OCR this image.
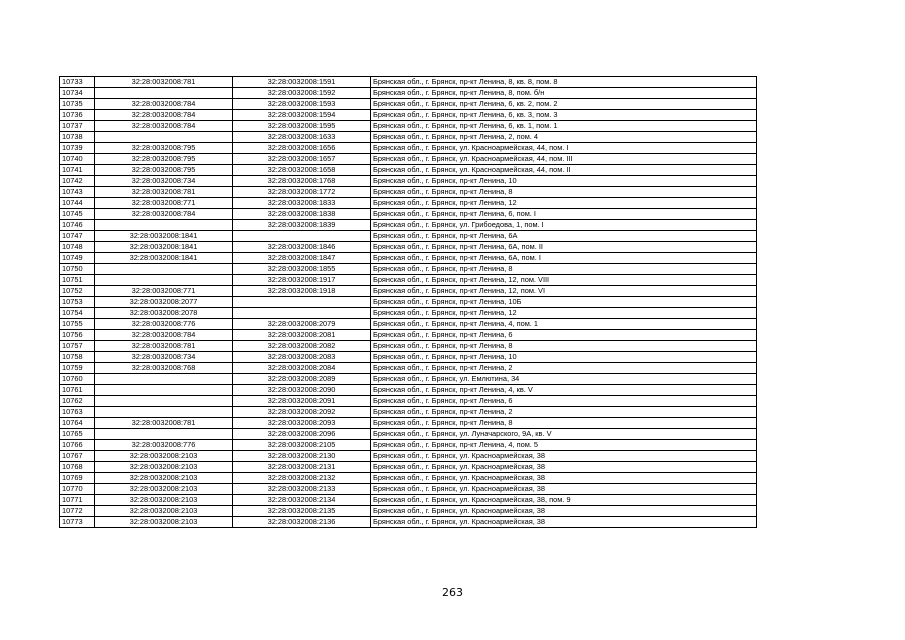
10733	32:28:0032008:781	32:28:0032008:1591	Брянская обл., г. Брянск, пр-кт Ленина, 8, кв. 8, пом. 8
10734		32:28:0032008:1592	Брянская обл., г. Брянск, пр-кт Ленина, 8, пом. б/н
10735	32:28:0032008:784	32:28:0032008:1593	Брянская обл., г. Брянск, пр-кт Ленина, 6, кв. 2, пом. 2
10736	32:28:0032008:784	32:28:0032008:1594	Брянская обл., г. Брянск, пр-кт Ленина, 6, кв. 3, пом. 3
10737	32:28:0032008:784	32:28:0032008:1595	Брянская обл., г. Брянск, пр-кт Ленина, 6, кв. 1, пом. 1
10738		32:28:0032008:1633	Брянская обл., г. Брянск, пр-кт Ленина, 2, пом. 4
10739	32:28:0032008:795	32:28:0032008:1656	Брянская обл., г. Брянск, ул. Красноармейская, 44, пом. I
10740	32:28:0032008:795	32:28:0032008:1657	Брянская обл., г. Брянск, ул. Красноармейская, 44, пом. III
10741	32:28:0032008:795	32:28:0032008:1658	Брянская обл., г. Брянск, ул. Красноармейская, 44, пом. II
10742	32:28:0032008:734	32:28:0032008:1768	Брянская обл., г. Брянск, пр-кт Ленина, 10
10743	32:28:0032008:781	32:28:0032008:1772	Брянская обл., г. Брянск, пр-кт Ленина, 8
10744	32:28:0032008:771	32:28:0032008:1833	Брянская обл., г. Брянск, пр-кт Ленина, 12
10745	32:28:0032008:784	32:28:0032008:1838	Брянская обл., г. Брянск, пр-кт Ленина, 6, пом. I
10746		32:28:0032008:1839	Брянская обл., г. Брянск, ул. Грибоедова, 1, пом. I
10747	32:28:0032008:1841		Брянская обл., г. Брянск, пр-кт Ленина, 6А
10748	32:28:0032008:1841	32:28:0032008:1846	Брянская обл., г. Брянск, пр-кт Ленина, 6А, пом. II
10749	32:28:0032008:1841	32:28:0032008:1847	Брянская обл., г. Брянск, пр-кт Ленина, 6А, пом. I
10750		32:28:0032008:1855	Брянская обл., г. Брянск, пр-кт Ленина, 8
10751		32:28:0032008:1917	Брянская обл., г. Брянск, пр-кт Ленина, 12, пом. VIII
10752	32:28:0032008:771	32:28:0032008:1918	Брянская обл., г. Брянск, пр-кт Ленина, 12, пом. VI
10753	32:28:0032008:2077		Брянская обл., г. Брянск, пр-кт Ленина, 10Б
10754	32:28:0032008:2078		Брянская обл., г. Брянск, пр-кт Ленина, 12
10755	32:28:0032008:776	32:28:0032008:2079	Брянская обл., г. Брянск, пр-кт Ленина, 4, пом. 1
10756	32:28:0032008:784	32:28:0032008:2081	Брянская обл., г. Брянск, пр-кт Ленина, 6
10757	32:28:0032008:781	32:28:0032008:2082	Брянская обл., г. Брянск, пр-кт Ленина, 8
10758	32:28:0032008:734	32:28:0032008:2083	Брянская обл., г. Брянск, пр-кт Ленина, 10
10759	32:28:0032008:768	32:28:0032008:2084	Брянская обл., г. Брянск, пр-кт Ленина, 2
10760		32:28:0032008:2089	Брянская обл., г. Брянск, ул. Емлютина, 34
10761		32:28:0032008:2090	Брянская обл., г. Брянск, пр-кт Ленина, 4, кв. V
10762		32:28:0032008:2091	Брянская обл., г. Брянск, пр-кт Ленина, 6
10763		32:28:0032008:2092	Брянская обл., г. Брянск, пр-кт Ленина, 2
10764	32:28:0032008:781	32:28:0032008:2093	Брянская обл., г. Брянск, пр-кт Ленина, 8
10765		32:28:0032008:2096	Брянская обл., г. Брянск, ул. Луначарского, 9А, кв. V
10766	32:28:0032008:776	32:28:0032008:2105	Брянская обл., г. Брянск, пр-кт Ленина, 4, пом. 5
10767	32:28:0032008:2103	32:28:0032008:2130	Брянская обл., г. Брянск, ул. Красноармейская, 38
10768	32:28:0032008:2103	32:28:0032008:2131	Брянская обл., г. Брянск, ул. Красноармейская, 38
10769	32:28:0032008:2103	32:28:0032008:2132	Брянская обл., г. Брянск, ул. Красноармейская, 38
10770	32:28:0032008:2103	32:28:0032008:2133	Брянская обл., г. Брянск, ул. Красноармейская, 38
10771	32:28:0032008:2103	32:28:0032008:2134	Брянская обл., г. Брянск, ул. Красноармейская, 38, пом. 9
10772	32:28:0032008:2103	32:28:0032008:2135	Брянская обл., г. Брянск, ул. Красноармейская, 38
10773	32:28:0032008:2103	32:28:0032008:2136	Брянская обл., г. Брянск, ул. Красноармейская, 38
263
